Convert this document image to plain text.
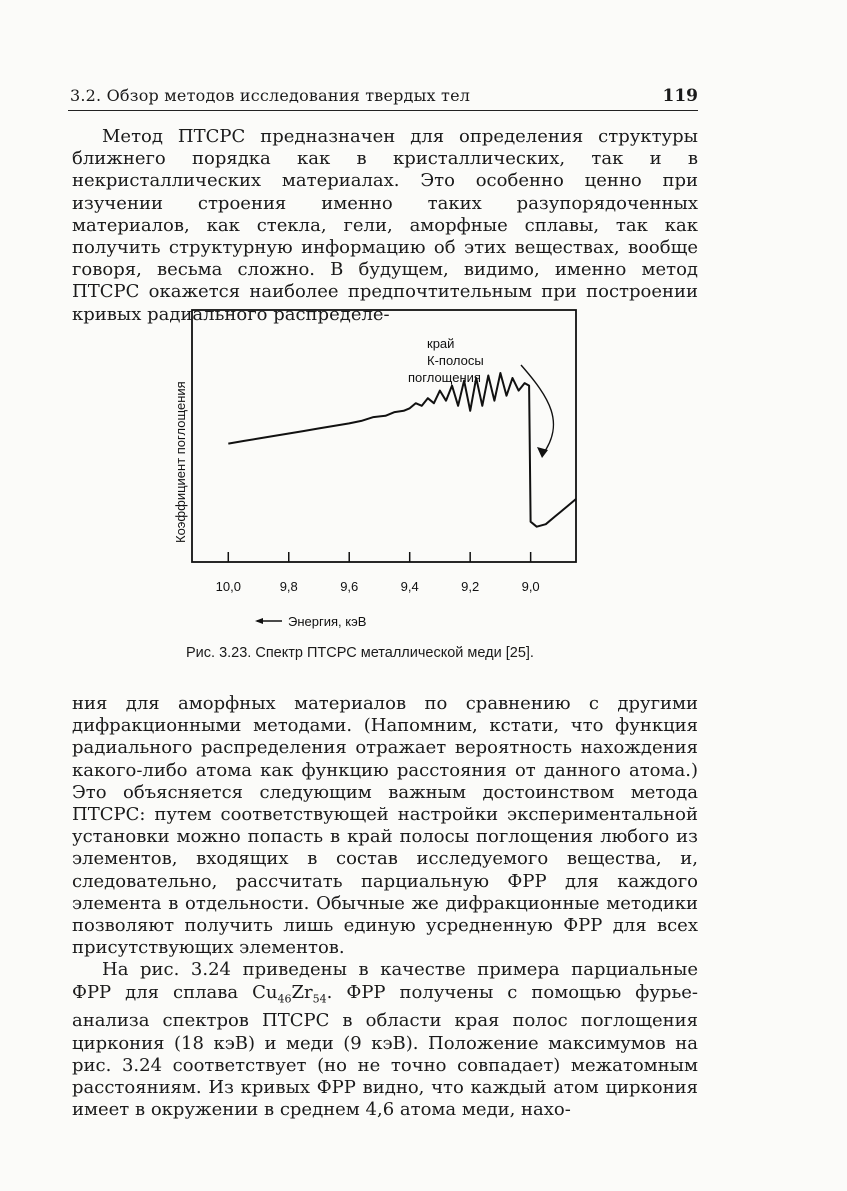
3.2. Обзор методов исследования твердых тел	119

Метод ПТСРС предназначен для определения структуры ближнего порядка как в кристаллических, так и в некристаллических материалах. Это особенно ценно при изучении строения именно таких разупорядоченных материалов, как стекла, гели, аморфные сплавы, так как получить структурную информацию об этих веществах, вообще говоря, весьма сложно. В будущем, видимо, именно метод ПТСРС окажется наиболее предпочтительным при построении кривых радиального распределе-

10,0	9,8	9,6	9,4	9,2	9,0
Коэффициент поглощения
Энергия, кэВ
край
К-полосы
поглощения
Рис. 3.23. Спектр ПТСРС металлической меди [25].

ния для аморфных материалов по сравнению с другими дифракционными методами. (Напомним, кстати, что функция радиального распределения отражает вероятность нахождения какого-либо атома как функцию расстояния от данного атома.) Это объясняется следующим важным достоинством метода ПТСРС: путем соответствующей настройки экспериментальной установки можно попасть в край полосы поглощения любого из элементов, входящих в состав исследуемого вещества, и, следовательно, рассчитать парциальную ФРР для каждого элемента в отдельности. Обычные же дифракционные методики позволяют получить лишь единую усредненную ФРР для всех присутствующих элементов.

На рис. 3.24 приведены в качестве примера парциальные ФРР для сплава $Cu_{46}Zr_{54}$. ФРР получены с помощью фурье-анализа спектров ПТСРС в области края полос поглощения циркония (18 кэВ) и меди (9 кэВ). Положение максимумов на рис. 3.24 соответствует (но не точно совпадает) межатомным расстояниям. Из кривых ФРР видно, что каждый атом циркония имеет в окружении в среднем 4,6 атома меди, нахо-
